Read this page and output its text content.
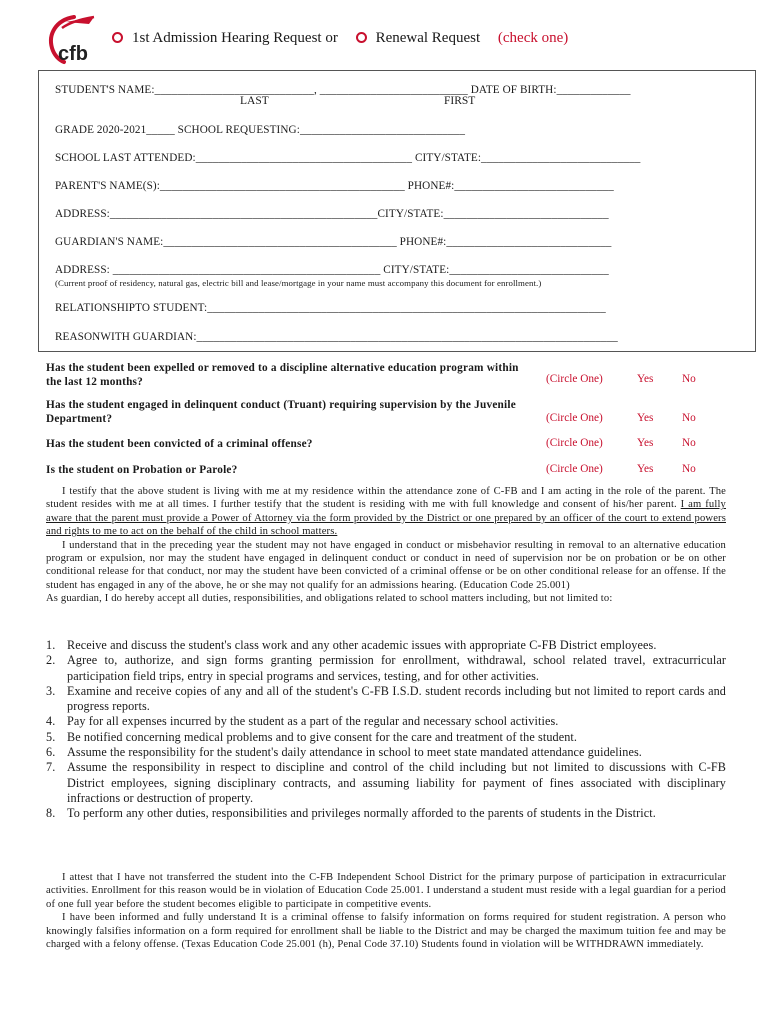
cfb
1st Admission Hearing Request or	Renewal Request (check one)
STUDENT'S NAME:____________________________, __________________________ DATE OF BIRTH:_____________
LAST	FIRST
GRADE 2020-2021_____ SCHOOL REQUESTING:_____________________________
SCHOOL LAST ATTENDED:______________________________________ CITY/STATE:____________________________
PARENT'S NAME(S):___________________________________________ PHONE#:____________________________
ADDRESS:_______________________________________________CITY/STATE:_____________________________
GUARDIAN'S NAME:_________________________________________ PHONE#:_____________________________
ADDRESS: _______________________________________________ CITY/STATE:____________________________
(Current proof of residency, natural gas, electric bill and lease/mortgage in your name must accompany this document for enrollment.)
RELATIONSHIPTO STUDENT:______________________________________________________________________
REASONWITH GUARDIAN:__________________________________________________________________________
Has the student been expelled or removed to a discipline alternative education program within the last 12 months?	(Circle One)	Yes	No
Has the student engaged in delinquent conduct (Truant) requiring supervision by the Juvenile Department?	(Circle One)	Yes	No
Has the student been convicted of a criminal offense?	(Circle One)	Yes	No
Is the student on Probation or Parole?	(Circle One)	Yes	No

I testify that the above student is living with me at my residence within the attendance zone of C-FB and I am acting in the role of the parent. The student resides with me at all times. I further testify that the student is residing with me with full knowledge and consent of his/her parent. I am fully aware that the parent must provide a Power of Attorney via the form provided by the District or one prepared by an officer of the court to extend powers and rights to me to act on the behalf of the child in school matters.

I understand that in the preceding year the student may not have engaged in conduct or misbehavior resulting in removal to an alternative education program or expulsion, nor may the student have engaged in delinquent conduct or conduct in need of supervision nor be on probation or be on other conditional release for that conduct, nor may the student have been convicted of a criminal offense or be on other conditional release for an offense. If the student has engaged in any of the above, he or she may not qualify for an admissions hearing. (Education Code 25.001)

As guardian, I do hereby accept all duties, responsibilities, and obligations related to school matters including, but not limited to:

1. Receive and discuss the student's class work and any other academic issues with appropriate C-FB District employees.
2. Agree to, authorize, and sign forms granting permission for enrollment, withdrawal, school related travel, extracurricular participation field trips, entry in special programs and services, testing, and for other activities.
3. Examine and receive copies of any and all of the student's C-FB I.S.D. student records including but not limited to report cards and progress reports.
4. Pay for all expenses incurred by the student as a part of the regular and necessary school activities.
5. Be notified concerning medical problems and to give consent for the care and treatment of the student.
6. Assume the responsibility for the student's daily attendance in school to meet state mandated attendance guidelines.
7. Assume the responsibility in respect to discipline and control of the child including but not limited to discussions with C-FB District employees, signing disciplinary contracts, and assuming liability for payment of fines associated with disciplinary infractions or destruction of property.
8. To perform any other duties, responsibilities and privileges normally afforded to the parents of students in the District.

I attest that I have not transferred the student into the C-FB Independent School District for the primary purpose of participation in extracurricular activities. Enrollment for this reason would be in violation of Education Code 25.001. I understand a student must reside with a legal guardian for a period of one full year before the student becomes eligible to participate in competitive events.

I have been informed and fully understand It is a criminal offense to falsify information on forms required for student registration. A person who knowingly falsifies information on a form required for enrollment shall be liable to the District and may be charged the maximum tuition fee and may be charged with a felony offense. (Texas Education Code 25.001 (h), Penal Code 37.10) Students found in violation will be WITHDRAWN immediately.
